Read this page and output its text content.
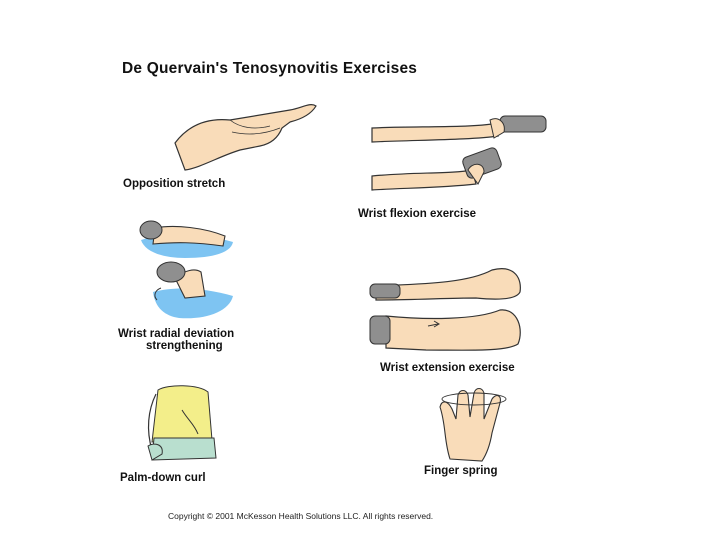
De Quervain's Tenosynovitis Exercises
Opposition stretch
Wrist flexion exercise
Wrist radial deviation
strengthening
Wrist extension exercise
Palm-down curl
Finger spring
Copyright © 2001 McKesson Health Solutions LLC. All rights reserved.
